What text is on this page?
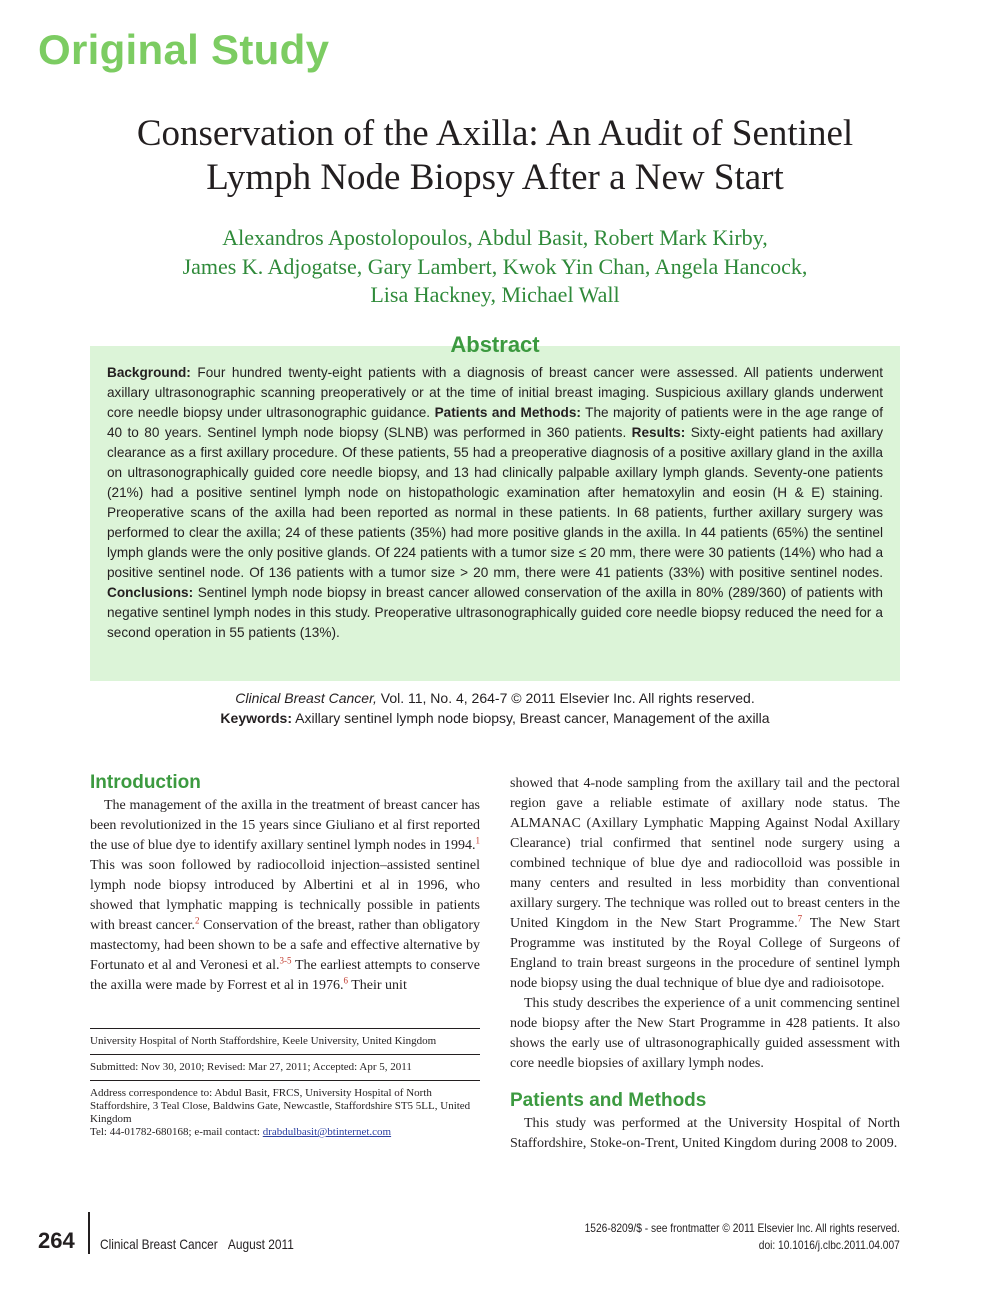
Original Study
Conservation of the Axilla: An Audit of Sentinel
Lymph Node Biopsy After a New Start
Alexandros Apostolopoulos, Abdul Basit, Robert Mark Kirby,
James K. Adjogatse, Gary Lambert, Kwok Yin Chan, Angela Hancock,
Lisa Hackney, Michael Wall

Background: Four hundred twenty-eight patients with a diagnosis of breast cancer were assessed. All patients underwent axillary ultrasonographic scanning preoperatively or at the time of initial breast imaging. Suspicious axillary glands underwent core needle biopsy under ultrasonographic guidance. Patients and Methods: The majority of patients were in the age range of 40 to 80 years. Sentinel lymph node biopsy (SLNB) was performed in 360 patients. Results: Sixty-eight patients had axillary clearance as a first axillary procedure. Of these patients, 55 had a preoperative diagnosis of a positive axillary gland in the axilla on ultrasonographically guided core needle biopsy, and 13 had clinically palpable axillary lymph glands. Seventy-one patients (21%) had a positive sentinel lymph node on histopathologic examination after hematoxylin and eosin (H & E) staining. Preoperative scans of the axilla had been reported as normal in these patients. In 68 patients, further axillary surgery was performed to clear the axilla; 24 of these patients (35%) had more positive glands in the axilla. In 44 patients (65%) the sentinel lymph glands were the only positive glands. Of 224 patients with a tumor size ≤ 20 mm, there were 30 patients (14%) who had a positive sentinel node. Of 136 patients with a tumor size > 20 mm, there were 41 patients (33%) with positive sentinel nodes. Conclusions: Sentinel lymph node biopsy in breast cancer allowed conservation of the axilla in 80% (289/360) of patients with negative sentinel lymph nodes in this study. Preoperative ultrasonographically guided core needle biopsy reduced the need for a second operation in 55 patients (13%).

Abstract

Clinical Breast Cancer, Vol. 11, No. 4, 264-7 © 2011 Elsevier Inc. All rights reserved.

Keywords: Axillary sentinel lymph node biopsy, Breast cancer, Management of the axilla

Introduction

The management of the axilla in the treatment of breast cancer has been revolutionized in the 15 years since Giuliano et al first reported the use of blue dye to identify axillary sentinel lymph nodes in 1994.$^1$ This was soon followed by radiocolloid injection–assisted sentinel lymph node biopsy introduced by Albertini et al in 1996, who showed that lymphatic mapping is technically possible in patients with breast cancer.$^2$ Conservation of the breast, rather than obligatory mastectomy, had been shown to be a safe and effective alternative by Fortunato et al and Veronesi et al.$^{3-5}$ The earliest attempts to conserve the axilla were made by Forrest et al in 1976.$^6$ Their unit

University Hospital of North Staffordshire, Keele University, United Kingdom
Submitted: Nov 30, 2010; Revised: Mar 27, 2011; Accepted: Apr 5, 2011
Address correspondence to: Abdul Basit, FRCS, University Hospital of North Staffordshire, 3 Teal Close, Baldwins Gate, Newcastle, Staffordshire ST5 5LL, United Kingdom
Tel: 44-01782-680168; e-mail contact: drabdulbasit@btinternet.com

showed that 4-node sampling from the axillary tail and the pectoral region gave a reliable estimate of axillary node status. The ALMANAC (Axillary Lymphatic Mapping Against Nodal Axillary Clearance) trial confirmed that sentinel node surgery using a combined technique of blue dye and radiocolloid was possible in many centers and resulted in less morbidity than conventional axillary surgery. The technique was rolled out to breast centers in the United Kingdom in the New Start Programme.$^7$ The New Start Programme was instituted by the Royal College of Surgeons of England to train breast surgeons in the procedure of sentinel lymph node biopsy using the dual technique of blue dye and radioisotope.

This study describes the experience of a unit commencing sentinel node biopsy after the New Start Programme in 428 patients. It also shows the early use of ultrasonographically guided assessment with core needle biopsies of axillary lymph nodes.

Patients and Methods

This study was performed at the University Hospital of North Staffordshire, Stoke-on-Trent, United Kingdom during 2008 to 2009.

264 Clinical Breast Cancer August 2011
1526-8209/$ - see frontmatter © 2011 Elsevier Inc. All rights reserved.
doi: 10.1016/j.clbc.2011.04.007
